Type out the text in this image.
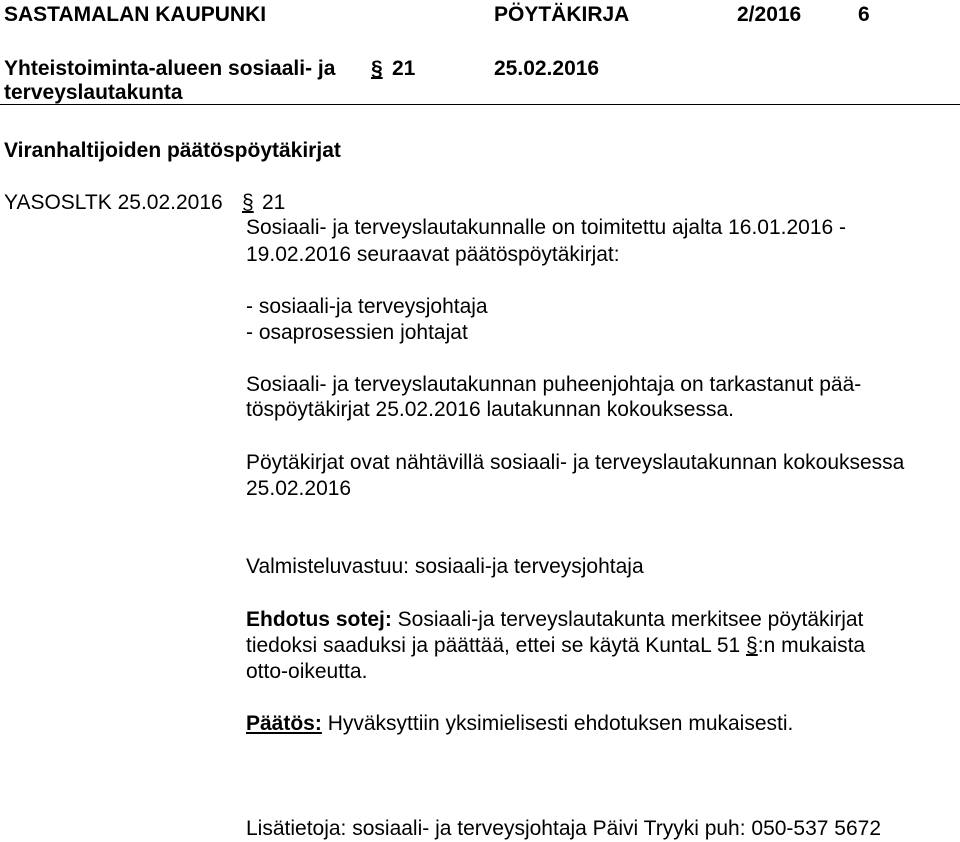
SASTAMALAN KAUPUNKI	PÖYTÄKIRJA	2/2016	6
Yhteistoiminta-alueen sosiaali- ja § 21	25.02.2016
terveyslautakunta
Viranhaltijoiden päätöspöytäkirjat
YASOSLTK 25.02.2016 § 21
Sosiaali- ja terveyslautakunnalle on toimitettu ajalta 16.01.2016 -
19.02.2016 seuraavat päätöspöytäkirjat:
- sosiaali-ja terveysjohtaja
- osaprosessien johtajat
Sosiaali- ja terveyslautakunnan puheenjohtaja on tarkastanut pää-
töspöytäkirjat 25.02.2016 lautakunnan kokouksessa.
Pöytäkirjat ovat nähtävillä sosiaali- ja terveyslautakunnan kokouksessa
25.02.2016
Valmisteluvastuu: sosiaali-ja terveysjohtaja
Ehdotus sotej: Sosiaali-ja terveyslautakunta merkitsee pöytäkirjat
tiedoksi saaduksi ja päättää, ettei se käytä KuntaL 51 §:n mukaista
otto-oikeutta.
Päätös: Hyväksyttiin yksimielisesti ehdotuksen mukaisesti.
Lisätietoja: sosiaali- ja terveysjohtaja Päivi Tryyki puh: 050-537 5672
